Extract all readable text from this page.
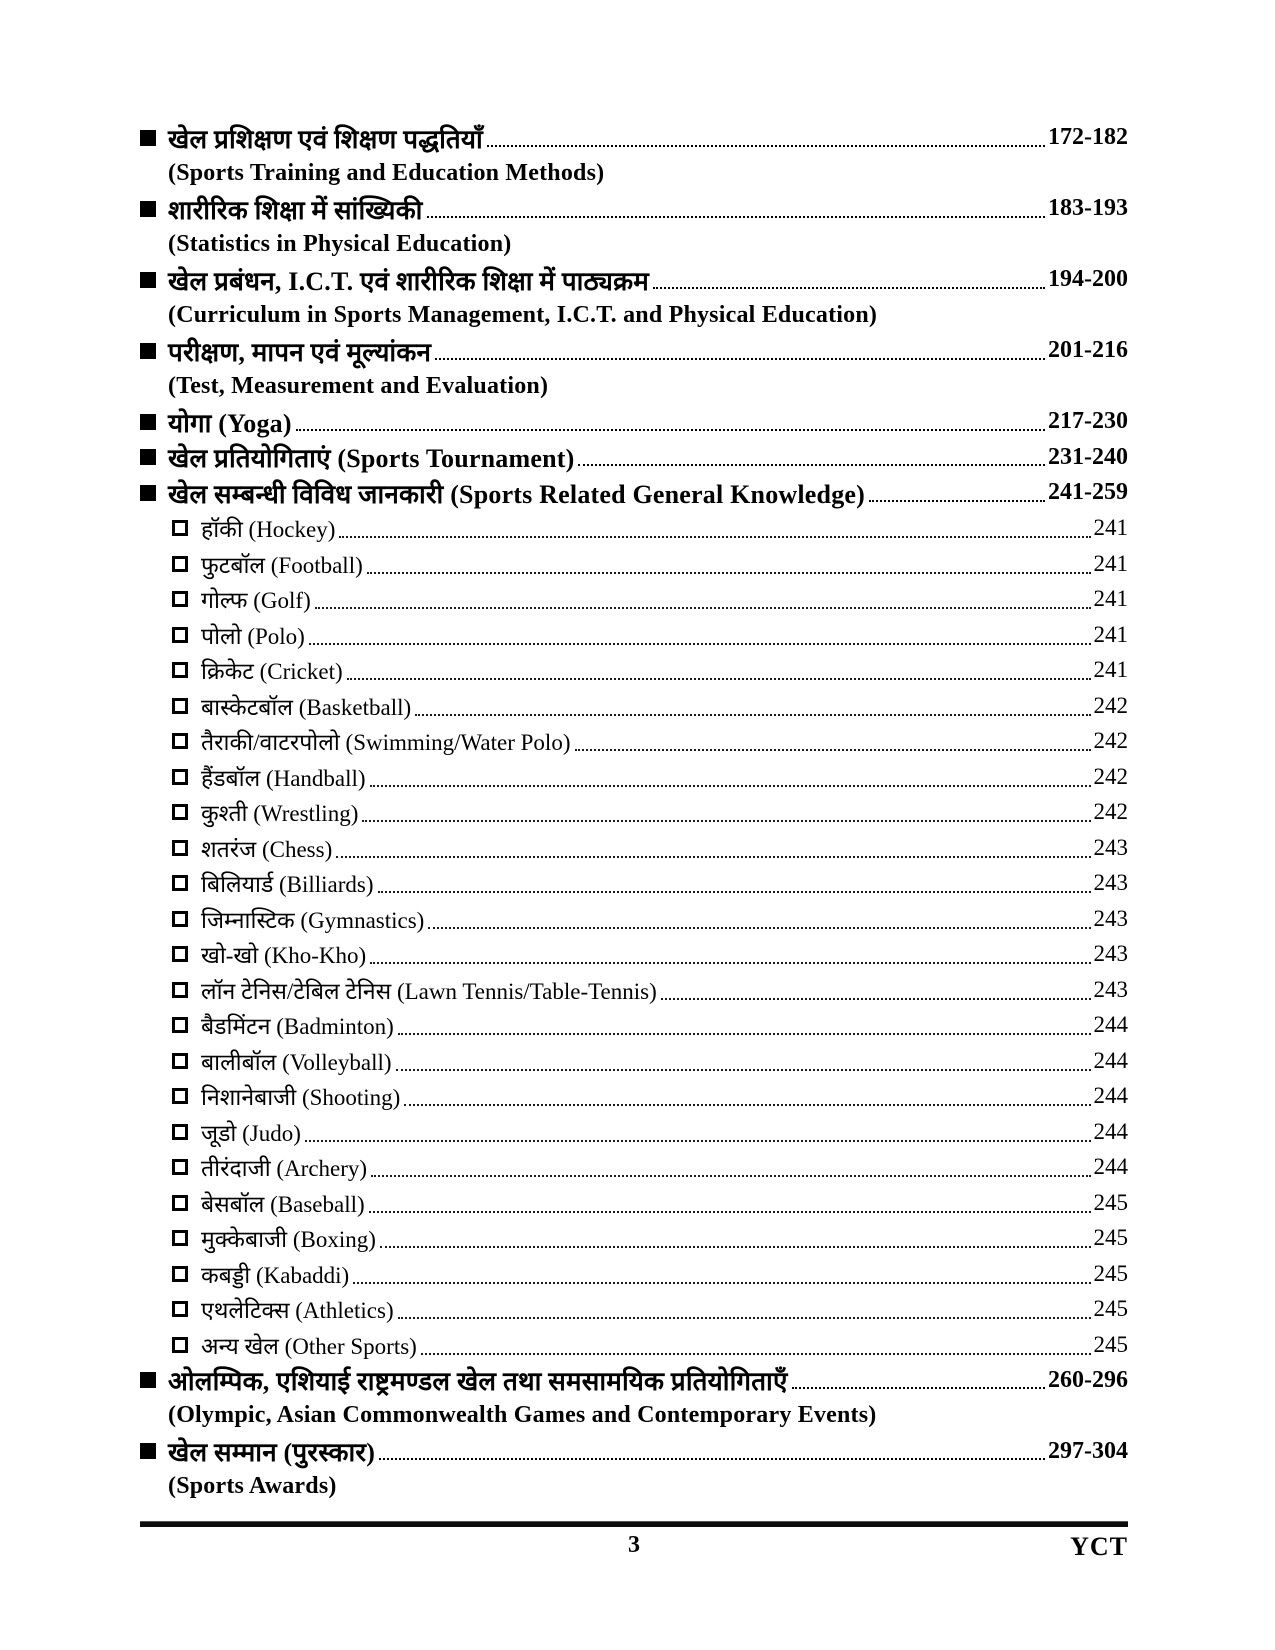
खेल प्रशिक्षण एवं शिक्षण पद्धतियाँ	172-182
(Sports Training and Education Methods)
शारीरिक शिक्षा में सांख्यिकी	183-193
(Statistics in Physical Education)
खेल प्रबंधन, I.C.T. एवं शारीरिक शिक्षा में पाठ्यक्रम	194-200
(Curriculum in Sports Management, I.C.T. and Physical Education)
परीक्षण, मापन एवं मूल्यांकन	201-216
(Test, Measurement and Evaluation)
योगा (Yoga)	217-230
खेल प्रतियोगिताएं (Sports Tournament)	231-240
खेल सम्बन्धी विविध जानकारी (Sports Related General Knowledge)	241-259
हॉकी (Hockey)	241
फुटबॉल (Football)	241
गोल्फ (Golf)	241
पोलो (Polo)	241
क्रिकेट (Cricket)	241
बास्केटबॉल (Basketball)	242
तैराकी/वाटरपोलो (Swimming/Water Polo)	242
हैंडबॉल (Handball)	242
कुश्ती (Wrestling)	242
शतरंज (Chess)	243
बिलियार्ड (Billiards)	243
जिम्नास्टिक (Gymnastics)	243
खो-खो (Kho-Kho)	243
लॉन टेनिस/टेबिल टेनिस (Lawn Tennis/Table-Tennis)	243
बैडमिंटन (Badminton)	244
बालीबॉल (Volleyball)	244
निशानेबाजी (Shooting)	244
जूडो (Judo)	244
तीरंदाजी (Archery)	244
बेसबॉल (Baseball)	245
मुक्केबाजी (Boxing)	245
कबड्डी (Kabaddi)	245
एथलेटिक्स (Athletics)	245
अन्य खेल (Other Sports)	245
ओलम्पिक, एशियाई राष्ट्रमण्डल खेल तथा समसामयिक प्रतियोगिताएँ	260-296
(Olympic, Asian Commonwealth Games and Contemporary Events)
खेल सम्मान (पुरस्कार)	297-304
(Sports Awards)
3	YCT
